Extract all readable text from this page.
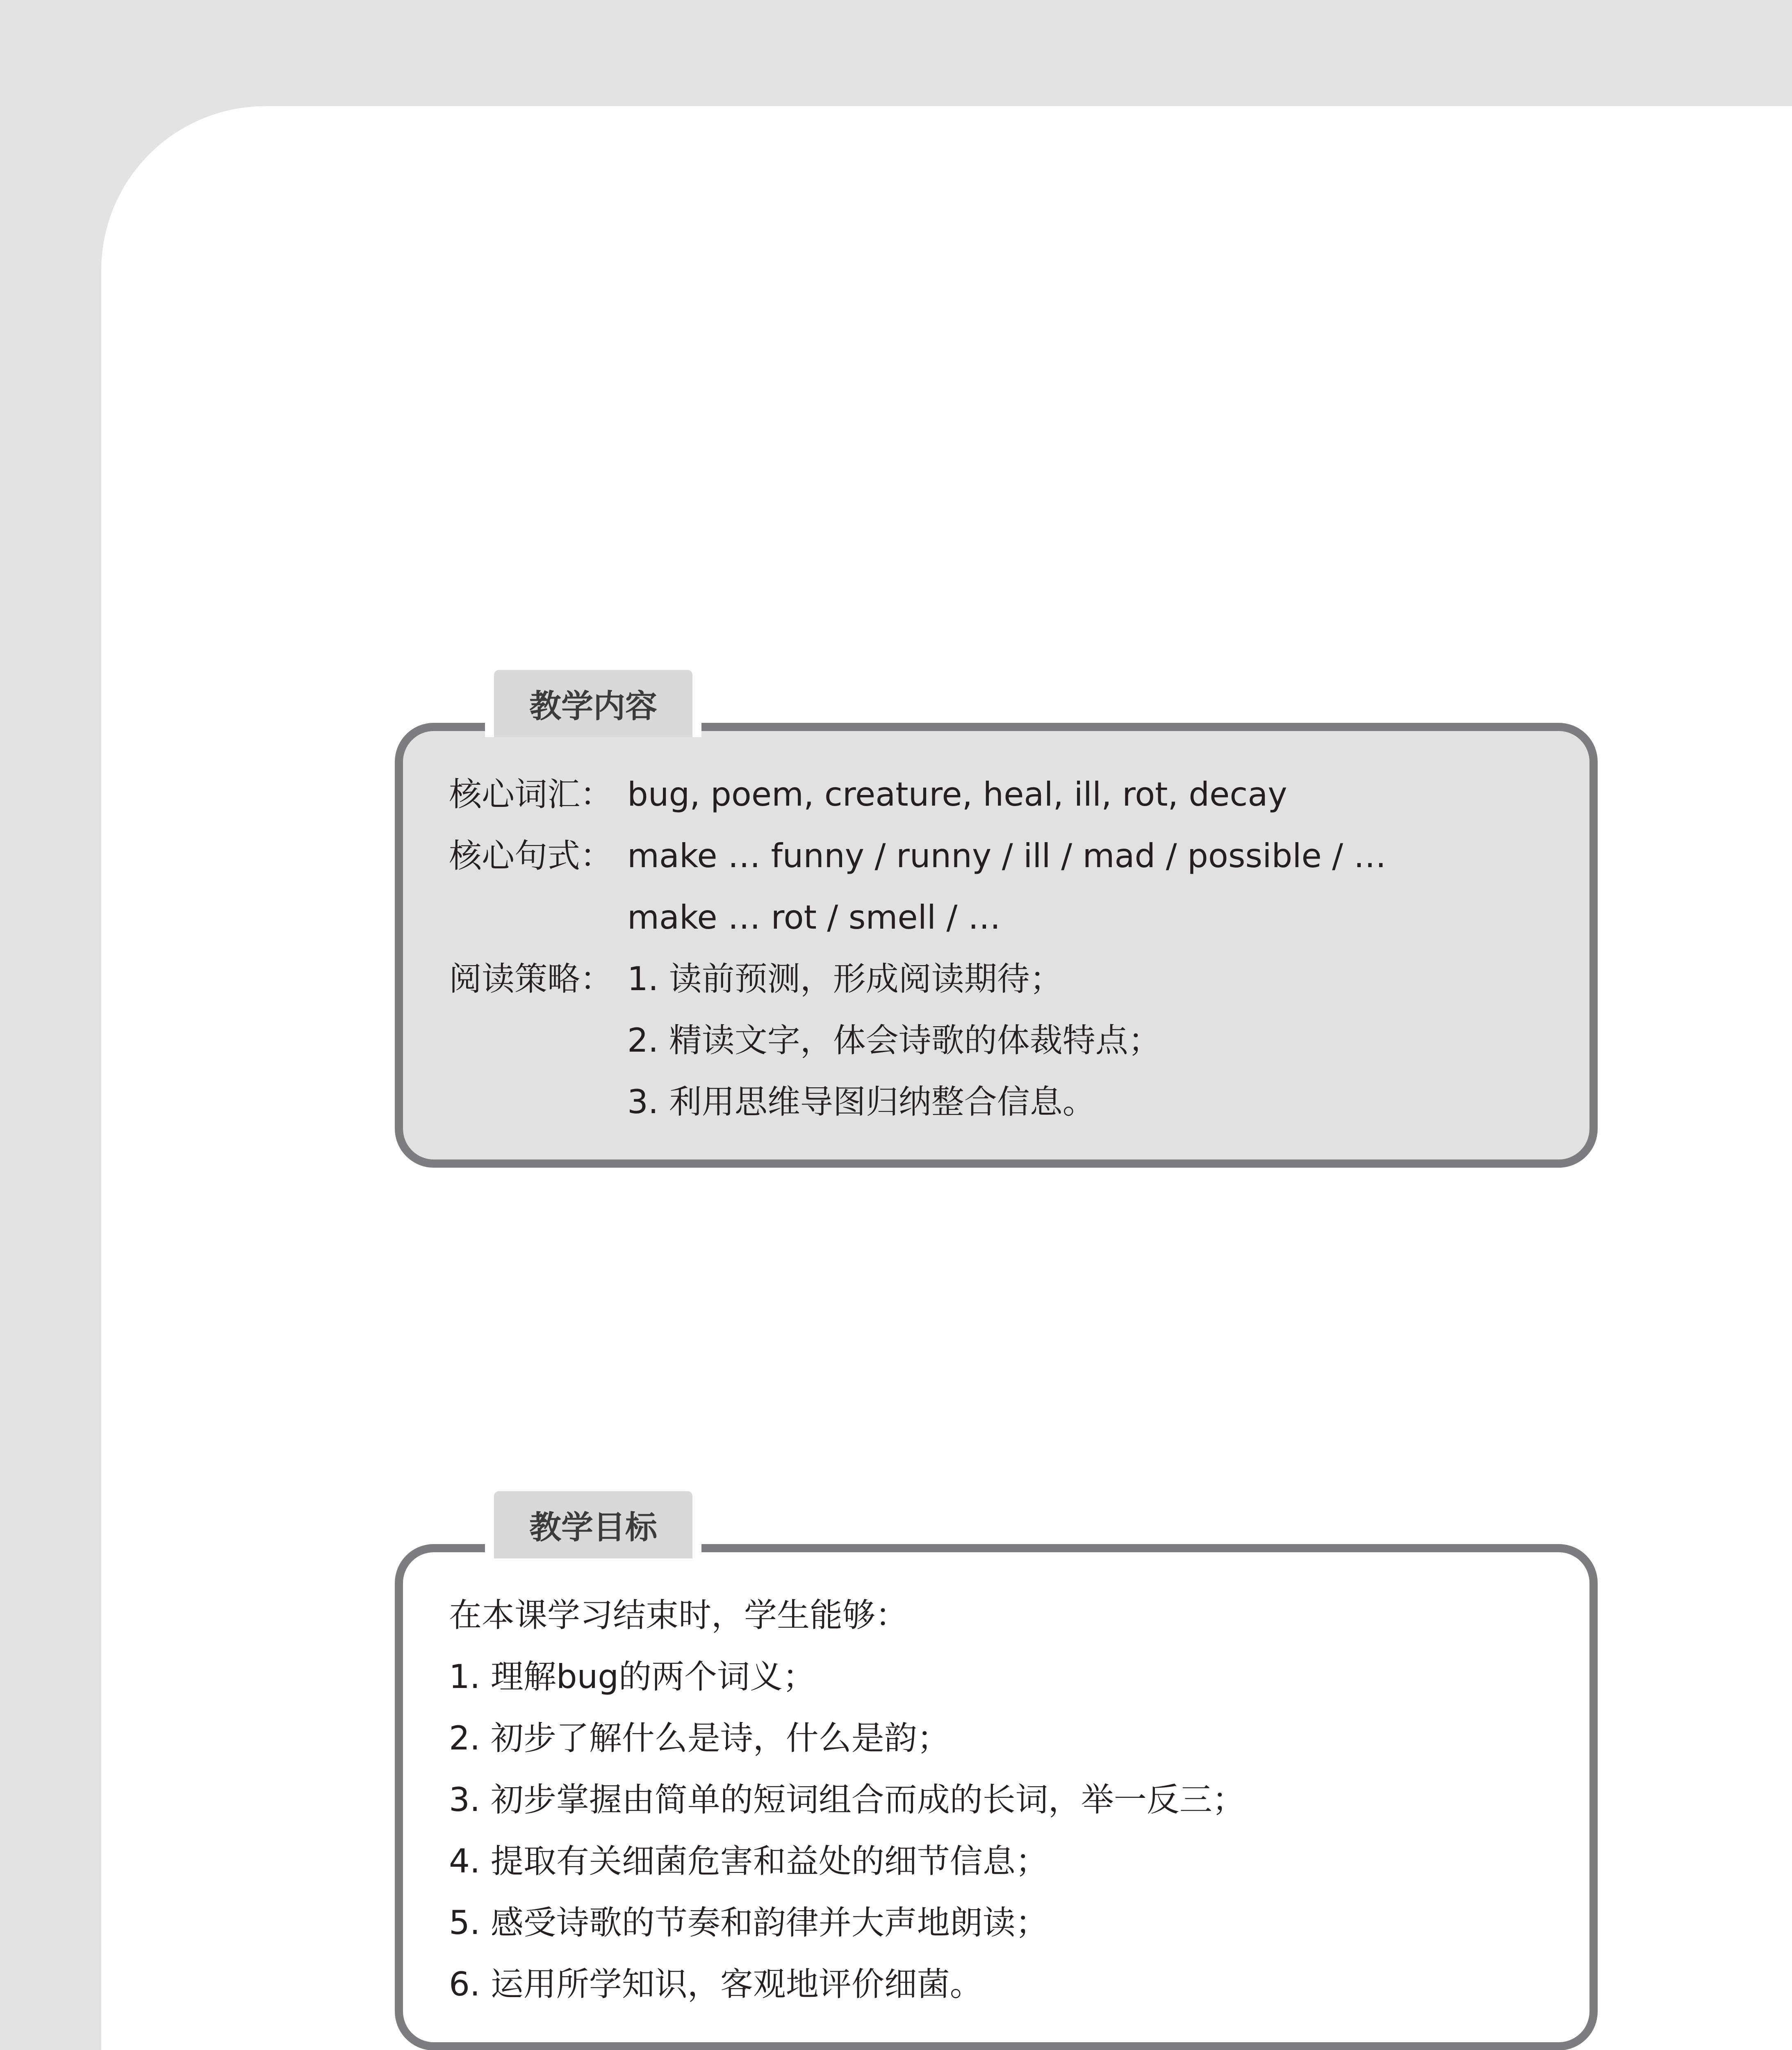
教学内容
核心词汇： bug, poem, creature, heal, ill, rot, decay
核心句式： make … funny / runny / ill / mad / possible / …
make … rot / smell / …
阅读策略： 1. 读前预测，形成阅读期待；
2. 精读文字，体会诗歌的体裁特点；
3. 利用思维导图归纳整合信息。
教学目标
在本课学习结束时，学生能够：
1. 理解bug的两个词义；
2. 初步了解什么是诗，什么是韵；
3. 初步掌握由简单的短词组合而成的长词，举一反三；
4. 提取有关细菌危害和益处的细节信息；
5. 感受诗歌的节奏和韵律并大声地朗读；
6. 运用所学知识，客观地评价细菌。
